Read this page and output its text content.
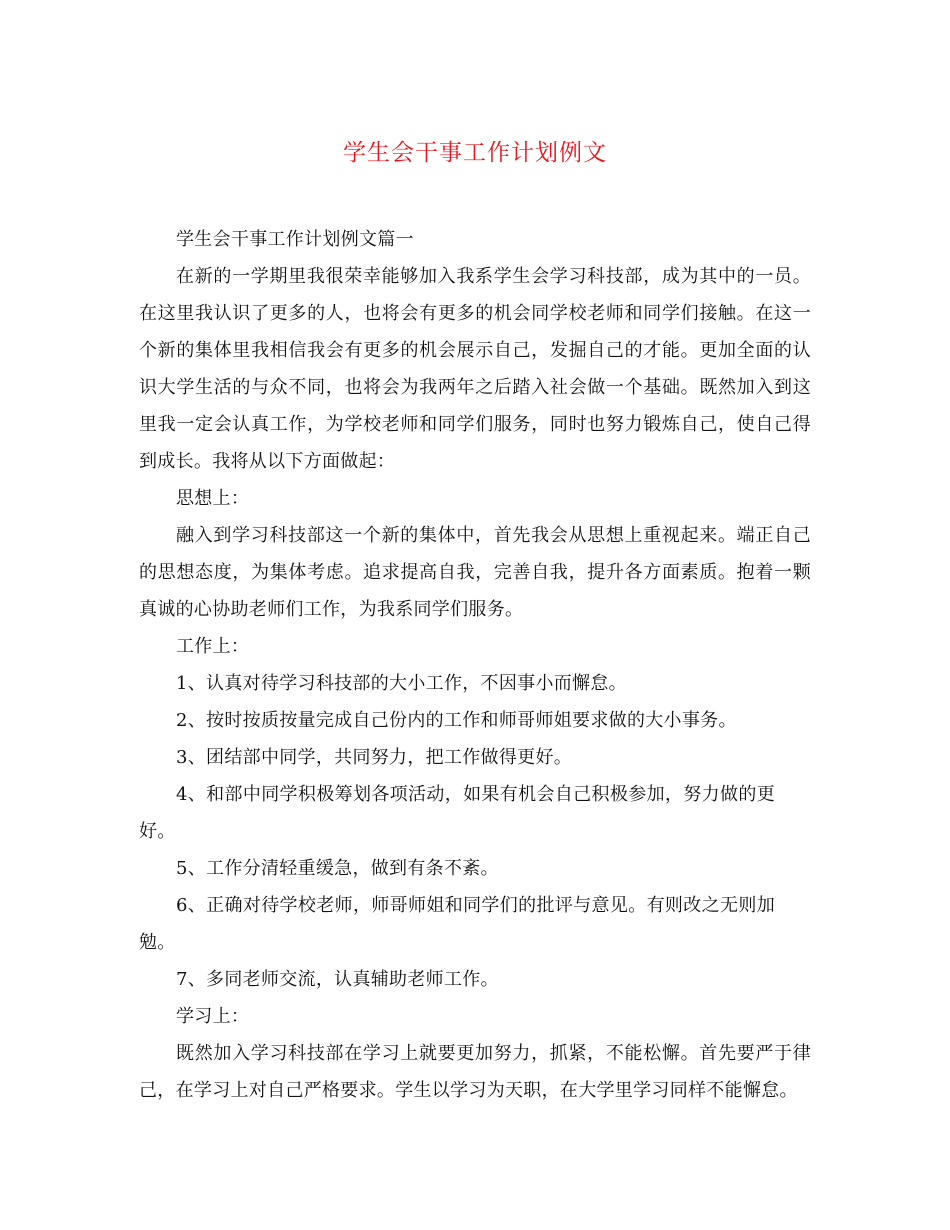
学生会干事工作计划例文

学生会干事工作计划例文篇一

在新的一学期里我很荣幸能够加入我系学生会学习科技部，成为其中的一员。在这里我认识了更多的人，也将会有更多的机会同学校老师和同学们接触。在这一个新的集体里我相信我会有更多的机会展示自己，发掘自己的才能。更加全面的认识大学生活的与众不同，也将会为我两年之后踏入社会做一个基础。既然加入到这里我一定会认真工作，为学校老师和同学们服务，同时也努力锻炼自己，使自己得到成长。我将从以下方面做起：

思想上：

融入到学习科技部这一个新的集体中，首先我会从思想上重视起来。端正自己的思想态度，为集体考虑。追求提高自我，完善自我，提升各方面素质。抱着一颗真诚的心协助老师们工作，为我系同学们服务。

工作上：

1、认真对待学习科技部的大小工作，不因事小而懈怠。

2、按时按质按量完成自己份内的工作和师哥师姐要求做的大小事务。

3、团结部中同学，共同努力，把工作做得更好。

4、和部中同学积极筹划各项活动，如果有机会自己积极参加，努力做的更好。

5、工作分清轻重缓急，做到有条不紊。

6、正确对待学校老师，师哥师姐和同学们的批评与意见。有则改之无则加勉。

7、多同老师交流，认真辅助老师工作。

学习上：

既然加入学习科技部在学习上就要更加努力，抓紧，不能松懈。首先要严于律己，在学习上对自己严格要求。学生以学习为天职，在大学里学习同样不能懈怠。
